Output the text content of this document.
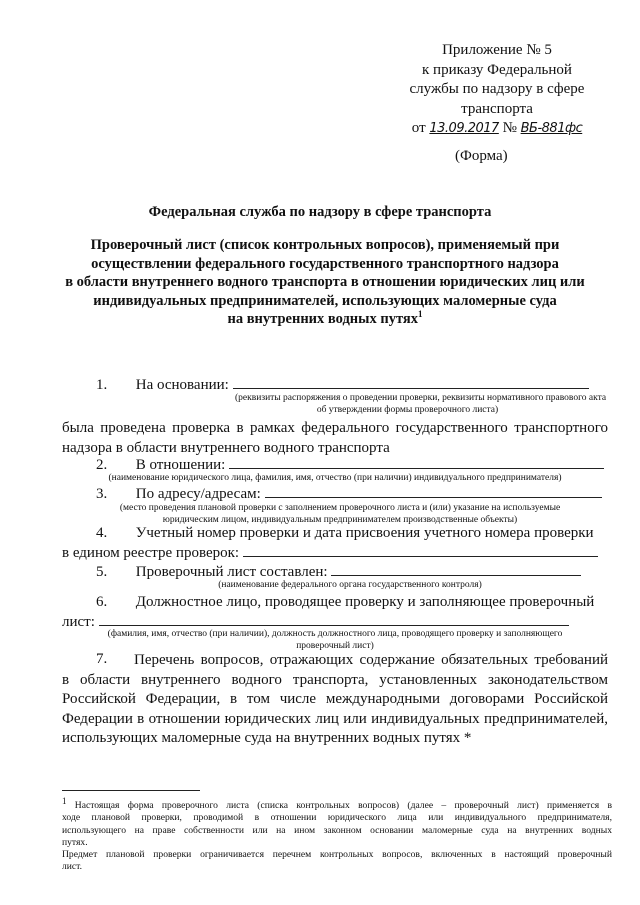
Приложение № 5
к приказу Федеральной
службы по надзору в сфере
транспорта
от 13.09.2017 № ВБ-881фс
(Форма)
Федеральная служба по надзору в сфере транспорта
Проверочный лист (список контрольных вопросов), применяемый при
осуществлении федерального государственного транспортного надзора
в области внутреннего водного транспорта в отношении юридических лиц или
индивидуальных предпринимателей, использующих маломерные суда
на внутренних водных путях$^1$
1. На основании:
(реквизиты распоряжения о проведении проверки, реквизиты нормативного правового акта
об утверждении формы проверочного листа)
была проведена проверка в рамках федерального государственного транспортного
надзора в области внутреннего водного транспорта
2. В отношении:
(наименование юридического лица, фамилия, имя, отчество (при наличии) индивидуального предпринимателя)
3. По адресу/адресам:
(место проведения плановой проверки с заполнением проверочного листа и (или) указание на используемые
юридическим лицом, индивидуальным предпринимателем производственные объекты)
4. Учетный номер проверки и дата присвоения учетного номера проверки
в едином реестре проверок:
5. Проверочный лист составлен:
(наименование федерального органа государственного контроля)
6. Должностное лицо, проводящее проверку и заполняющее проверочный
лист:
(фамилия, имя, отчество (при наличии), должность должностного лица, проводящего проверку и заполняющего
проверочный лист)
7.	Перечень вопросов, отражающих содержание обязательных требований
в области внутреннего водного транспорта, установленных законодательством
Российской Федерации, в том числе международными договорами Российской
Федерации в отношении юридических лиц или индивидуальных предпринимателей,
использующих маломерные суда на внутренних водных путях *
$^1$ Настоящая форма проверочного листа (списка контрольных вопросов) (далее – проверочный лист) применяется в
ходе плановой проверки, проводимой в отношении юридического лица или индивидуального предпринимателя,
использующего на праве собственности или на ином законном основании маломерные суда на внутренних водных
путях.
Предмет плановой проверки ограничивается перечнем контрольных вопросов, включенных в настоящий проверочный
лист.
